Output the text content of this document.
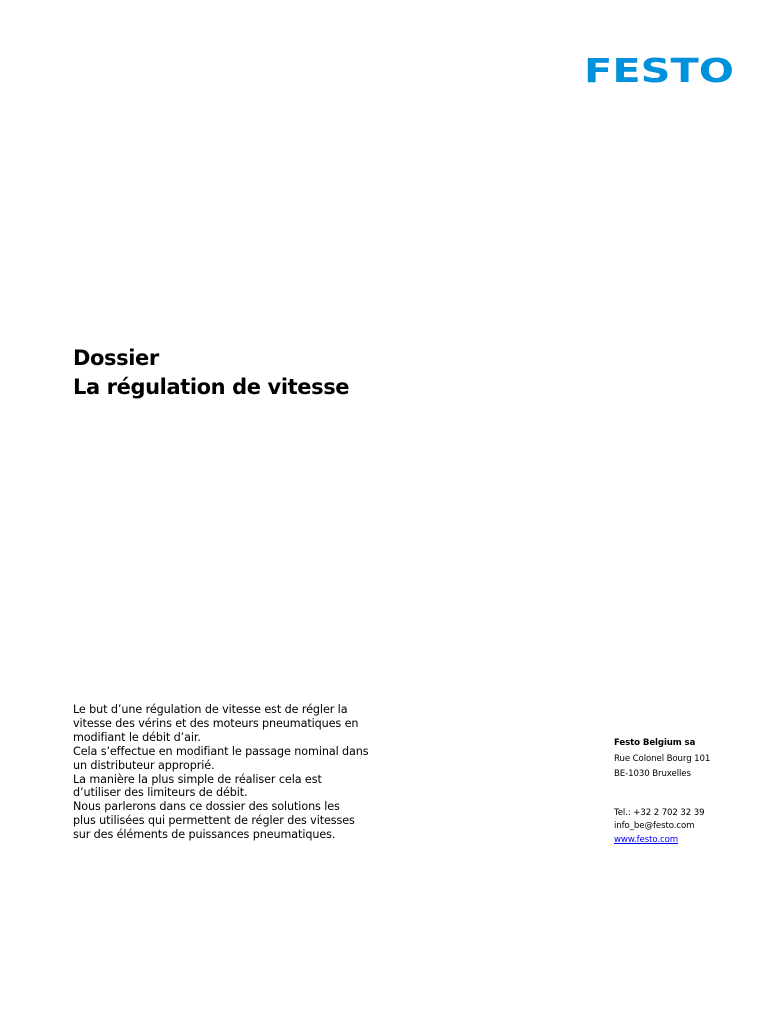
FESTO
Dossier
La régulation de vitesse
Le but d’une régulation de vitesse est de régler la
vitesse des vérins et des moteurs pneumatiques en
modifiant le débit d’air.
Cela s’effectue en modifiant le passage nominal dans
un distributeur approprié.
La manière la plus simple de réaliser cela est
d’utiliser des limiteurs de débit.
Nous parlerons dans ce dossier des solutions les
plus utilisées qui permettent de régler des vitesses
sur des éléments de puissances pneumatiques.
Festo Belgium sa
Rue Colonel Bourg 101
BE-1030 Bruxelles
Tel.: +32 2 702 32 39
info_be@festo.com
www.festo.com
